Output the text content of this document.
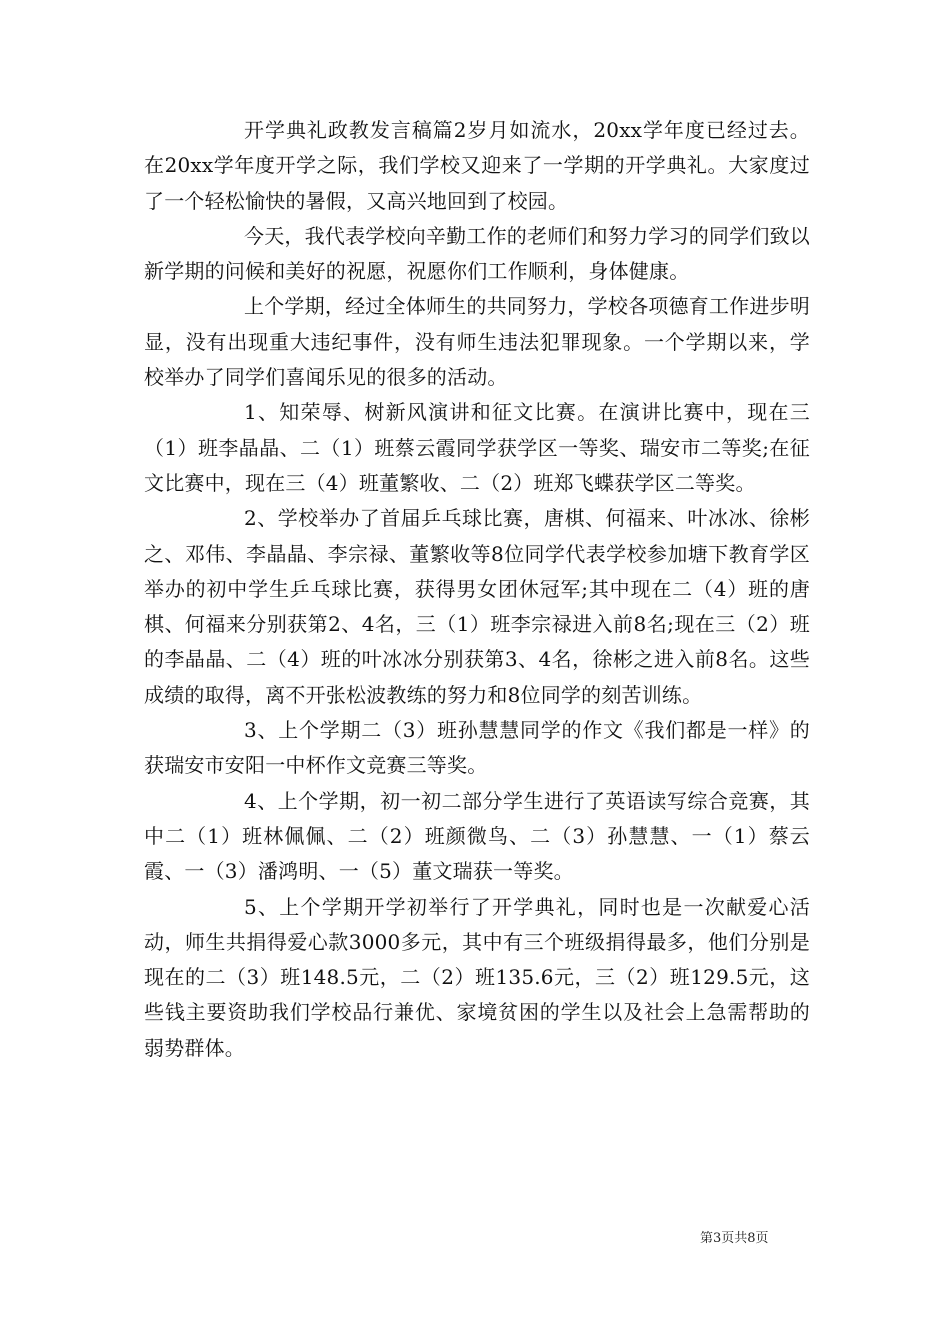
开学典礼政教发言稿篇2岁月如流水，20xx学年度已经过去。在20xx学年度开学之际，我们学校又迎来了一学期的开学典礼。大家度过了一个轻松愉快的暑假，又高兴地回到了校园。

今天，我代表学校向辛勤工作的老师们和努力学习的同学们致以新学期的问候和美好的祝愿，祝愿你们工作顺利，身体健康。

上个学期，经过全体师生的共同努力，学校各项德育工作进步明显，没有出现重大违纪事件，没有师生违法犯罪现象。一个学期以来，学校举办了同学们喜闻乐见的很多的活动。

1、知荣辱、树新风演讲和征文比赛。在演讲比赛中，现在三（1）班李晶晶、二（1）班蔡云霞同学获学区一等奖、瑞安市二等奖;在征文比赛中，现在三（4）班董繁收、二（2）班郑飞蝶获学区二等奖。

2、学校举办了首届乒乓球比赛，唐棋、何福来、叶冰冰、徐彬之、邓伟、李晶晶、李宗禄、董繁收等8位同学代表学校参加塘下教育学区举办的初中学生乒乓球比赛，获得男女团休冠军;其中现在二（4）班的唐棋、何福来分别获第2、4名，三（1）班李宗禄进入前8名;现在三（2）班的李晶晶、二（4）班的叶冰冰分别获第3、4名，徐彬之进入前8名。这些成绩的取得，离不开张松波教练的努力和8位同学的刻苦训练。

3、上个学期二（3）班孙慧慧同学的作文《我们都是一样》的获瑞安市安阳一中杯作文竞赛三等奖。

4、上个学期，初一初二部分学生进行了英语读写综合竞赛，其中二（1）班林佩佩、二（2）班颜微鸟、二（3）孙慧慧、一（1）蔡云霞、一（3）潘鸿明、一（5）董文瑞获一等奖。

5、上个学期开学初举行了开学典礼，同时也是一次献爱心活动，师生共捐得爱心款3000多元，其中有三个班级捐得最多，他们分别是现在的二（3）班148.5元，二（2）班135.6元，三（2）班129.5元，这些钱主要资助我们学校品行兼优、家境贫困的学生以及社会上急需帮助的弱势群体。

第3页共8页
